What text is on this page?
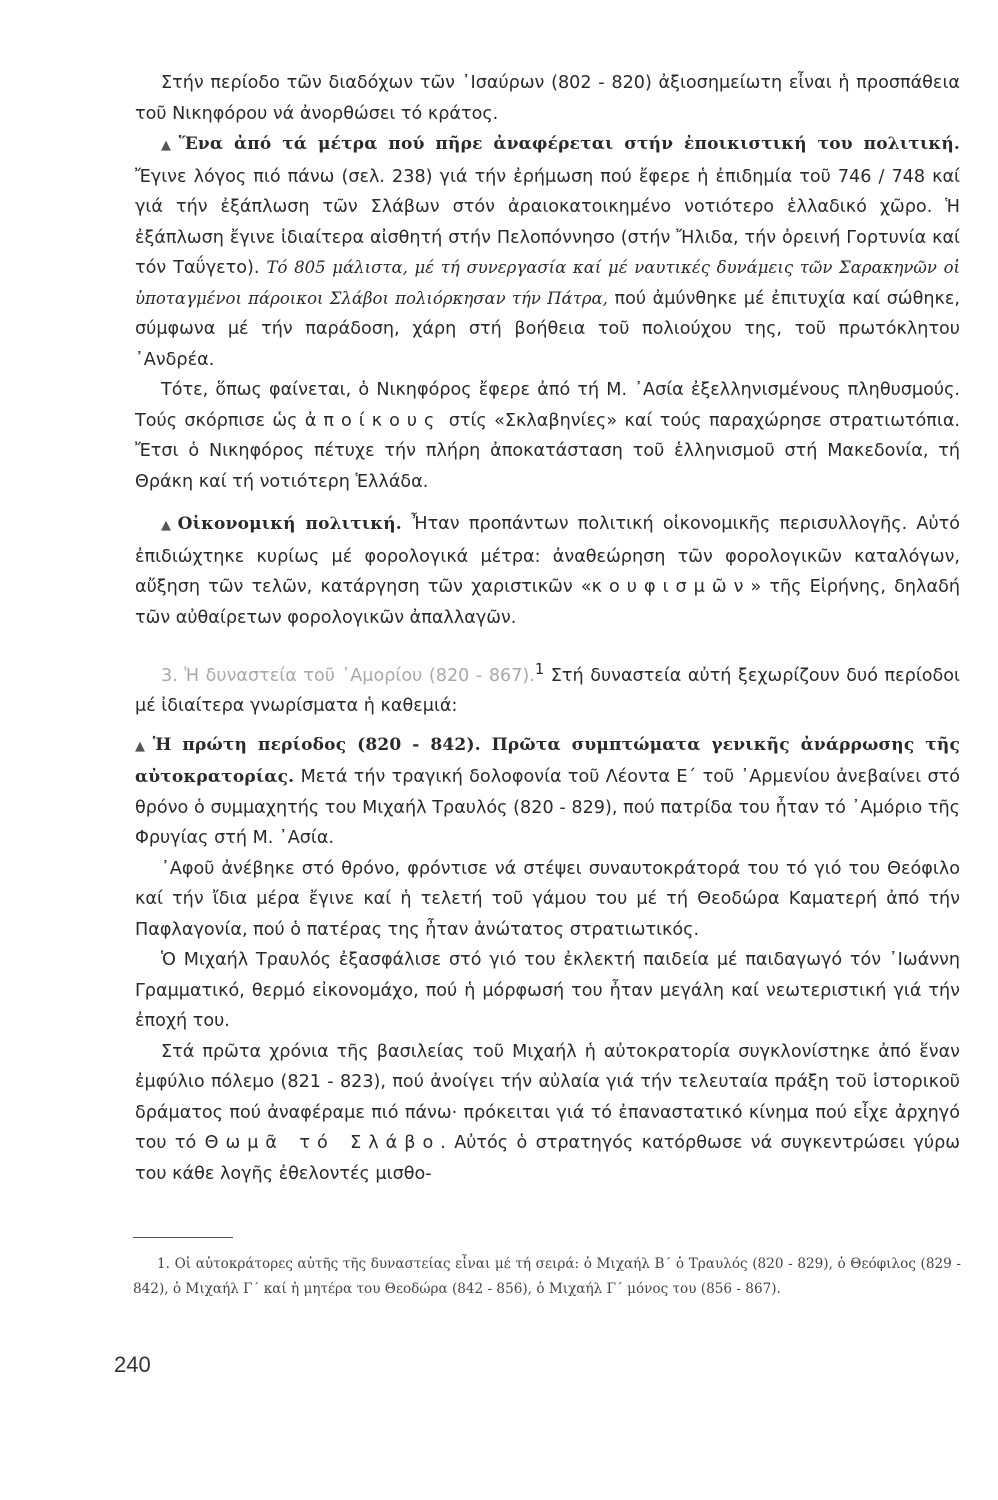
Στήν περίοδο τῶν διαδόχων τῶν ᾿Ισαύρων (802 - 820) ἀξιοσημείωτη εἶναι ἡ προσπάθεια τοῦ Νικηφόρου νά ἀνορθώσει τό κράτος.

▲ Ἕνα ἀπό τά μέτρα πού πῆρε ἀναφέρεται στήν ἐποικιστική του πολιτική. Ἔγινε λόγος πιό πάνω (σελ. 238) γιά τήν ἐρήμωση πού ἔφερε ἡ ἐπιδημία τοῦ 746 / 748 καί γιά τήν ἐξάπλωση τῶν Σλάβων στόν ἀραιοκατοικημένο νοτιότερο ἑλλαδικό χῶρο. Ἡ ἐξάπλωση ἔγινε ἰδιαίτερα αἰσθητή στήν Πελοπόννησο (στήν Ἤλιδα, τήν ὀρεινή Γορτυνία καί τόν Ταΰγετο). Τό 805 μάλιστα, μέ τή συνεργασία καί μέ ναυτικές δυνάμεις τῶν Σαρακηνῶν οἱ ὑποταγμένοι πάροικοι Σλάβοι πολιόρκησαν τήν Πάτρα, πού ἀμύνθηκε μέ ἐπιτυχία καί σώθηκε, σύμφωνα μέ τήν παράδοση, χάρη στή βοήθεια τοῦ πολιούχου της, τοῦ πρωτόκλητου ᾿Ανδρέα.

Τότε, ὅπως φαίνεται, ὁ Νικηφόρος ἔφερε ἀπό τή Μ. ᾿Ασία ἐξελληνισμένους πληθυσμούς. Τούς σκόρπισε ὡς ἀποίκους στίς «Σκλαβηνίες» καί τούς παραχώρησε στρατιωτόπια. Ἔτσι ὁ Νικηφόρος πέτυχε τήν πλήρη ἀποκατάσταση τοῦ ἑλληνισμοῦ στή Μακεδονία, τή Θράκη καί τή νοτιότερη Ἑλλάδα.

▲ Οἰκονομική πολιτική. Ἦταν προπάντων πολιτική οἰκονομικῆς περισυλλογῆς. Αὐτό ἐπιδιώχτηκε κυρίως μέ φορολογικά μέτρα: ἀναθεώρηση τῶν φορολογικῶν καταλόγων, αὔξηση τῶν τελῶν, κατάργηση τῶν χαριστικῶν «κουφισμῶν» τῆς Εἰρήνης, δηλαδή τῶν αὐθαίρετων φορολογικῶν ἀπαλλαγῶν.

3. Ἡ δυναστεία τοῦ ᾿Αμορίου (820 - 867).$^1$ Στή δυναστεία αὐτή ξεχωρίζουν δυό περίοδοι μέ ἰδιαίτερα γνωρίσματα ἡ καθεμιά:

▲ Ἡ πρώτη περίοδος (820 - 842). Πρῶτα συμπτώματα γενικῆς ἀνάρρωσης τῆς αὐτοκρατορίας. Μετά τήν τραγική δολοφονία τοῦ Λέοντα Ε΄ τοῦ ᾿Αρμενίου ἀνεβαίνει στό θρόνο ὁ συμμαχητής του Μιχαήλ Τραυλός (820 - 829), πού πατρίδα του ἦταν τό ᾿Αμόριο τῆς Φρυγίας στή Μ. ᾿Ασία.

᾿Αφοῦ ἀνέβηκε στό θρόνο, φρόντισε νά στέψει συναυτοκράτορά του τό γιό του Θεόφιλο καί τήν ἴδια μέρα ἔγινε καί ἡ τελετή τοῦ γάμου του μέ τή Θεοδώρα Καματερή ἀπό τήν Παφλαγονία, πού ὁ πατέρας της ἦταν ἀνώτατος στρατιωτικός.

Ὁ Μιχαήλ Τραυλός ἐξασφάλισε στό γιό του ἐκλεκτή παιδεία μέ παιδαγωγό τόν ᾿Ιωάννη Γραμματικό, θερμό εἰκονομάχο, πού ἡ μόρφωσή του ἦταν μεγάλη καί νεωτεριστική γιά τήν ἐποχή του.

Στά πρῶτα χρόνια τῆς βασιλείας τοῦ Μιχαήλ ἡ αὐτοκρατορία συγκλονίστηκε ἀπό ἕναν ἐμφύλιο πόλεμο (821 - 823), πού ἀνοίγει τήν αὐλαία γιά τήν τελευταία πράξη τοῦ ἱστορικοῦ δράματος πού ἀναφέραμε πιό πάνω· πρόκειται γιά τό ἐπαναστατικό κίνημα πού εἶχε ἀρχηγό του τό Θωμᾶ τό Σλάβο. Αὐτός ὁ στρατηγός κατόρθωσε νά συγκεντρώσει γύρω του κάθε λογῆς ἐθελοντές μισθο-

1. Οἱ αὐτοκράτορες αὐτῆς τῆς δυναστείας εἶναι μέ τή σειρά: ὁ Μιχαήλ Β΄ ὁ Τραυλός (820 - 829), ὁ Θεόφιλος (829 - 842), ὁ Μιχαήλ Γ΄ καί ἡ μητέρα του Θεοδώρα (842 - 856), ὁ Μιχαήλ Γ΄ μόνος του (856 - 867).
240
